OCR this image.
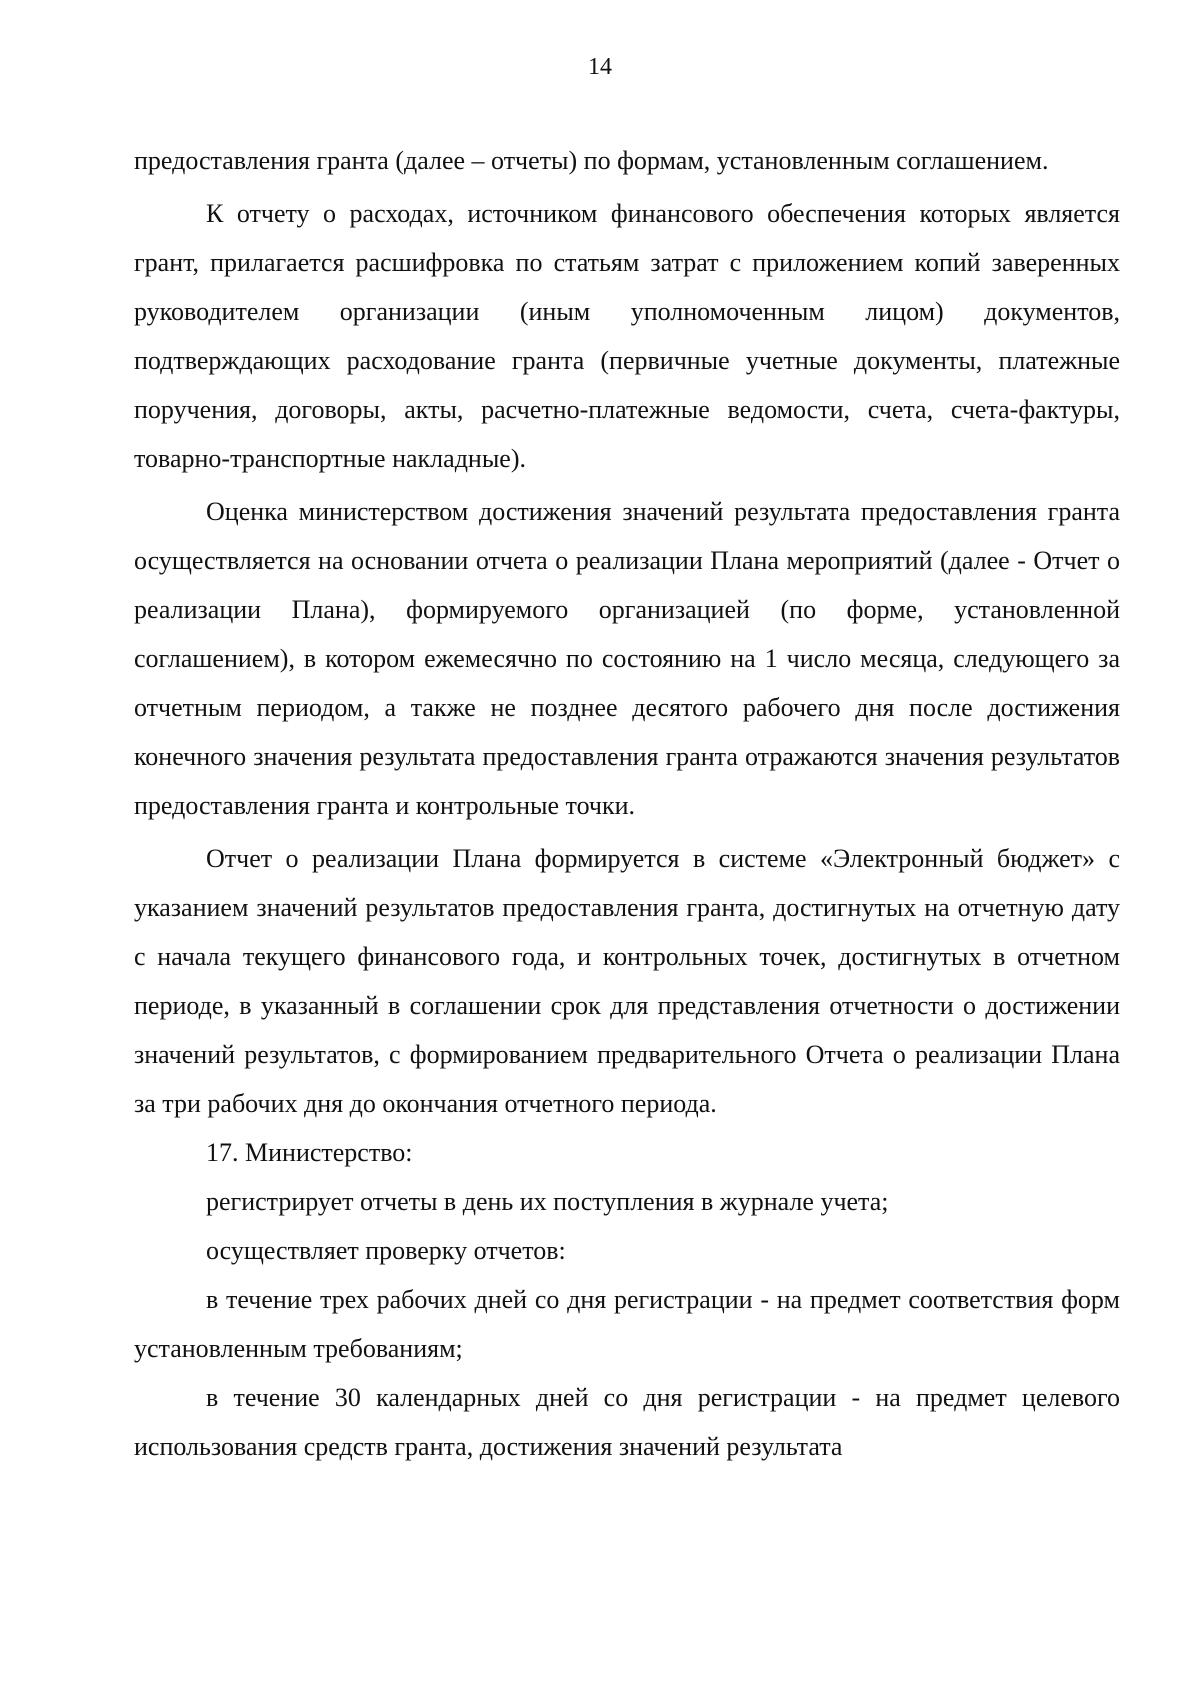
14

предоставления гранта (далее – отчеты) по формам, установленным соглашением.

К отчету о расходах, источником финансового обеспечения которых является грант, прилагается расшифровка по статьям затрат с приложением копий заверенных руководителем организации (иным уполномоченным лицом) документов, подтверждающих расходование гранта (первичные учетные документы, платежные поручения, договоры, акты, расчетно-платежные ведомости, счета, счета-фактуры, товарно-транспортные накладные).

Оценка министерством достижения значений результата предоставления гранта осуществляется на основании отчета о реализации Плана мероприятий (далее - Отчет о реализации Плана), формируемого организацией (по форме, установленной соглашением), в котором ежемесячно по состоянию на 1 число месяца, следующего за отчетным периодом, а также не позднее десятого рабочего дня после достижения конечного значения результата предоставления гранта отражаются значения результатов предоставления гранта и контрольные точки.

Отчет о реализации Плана формируется в системе «Электронный бюджет» с указанием значений результатов предоставления гранта, достигнутых на отчетную дату с начала текущего финансового года, и контрольных точек, достигнутых в отчетном периоде, в указанный в соглашении срок для представления отчетности о достижении значений результатов, с формированием предварительного Отчета о реализации Плана за три рабочих дня до окончания отчетного периода.

17. Министерство:

регистрирует отчеты в день их поступления в журнале учета;

осуществляет проверку отчетов:

в течение трех рабочих дней со дня регистрации - на предмет соответствия форм установленным требованиям;

в течение 30 календарных дней со дня регистрации - на предмет целевого использования средств гранта, достижения значений результата
